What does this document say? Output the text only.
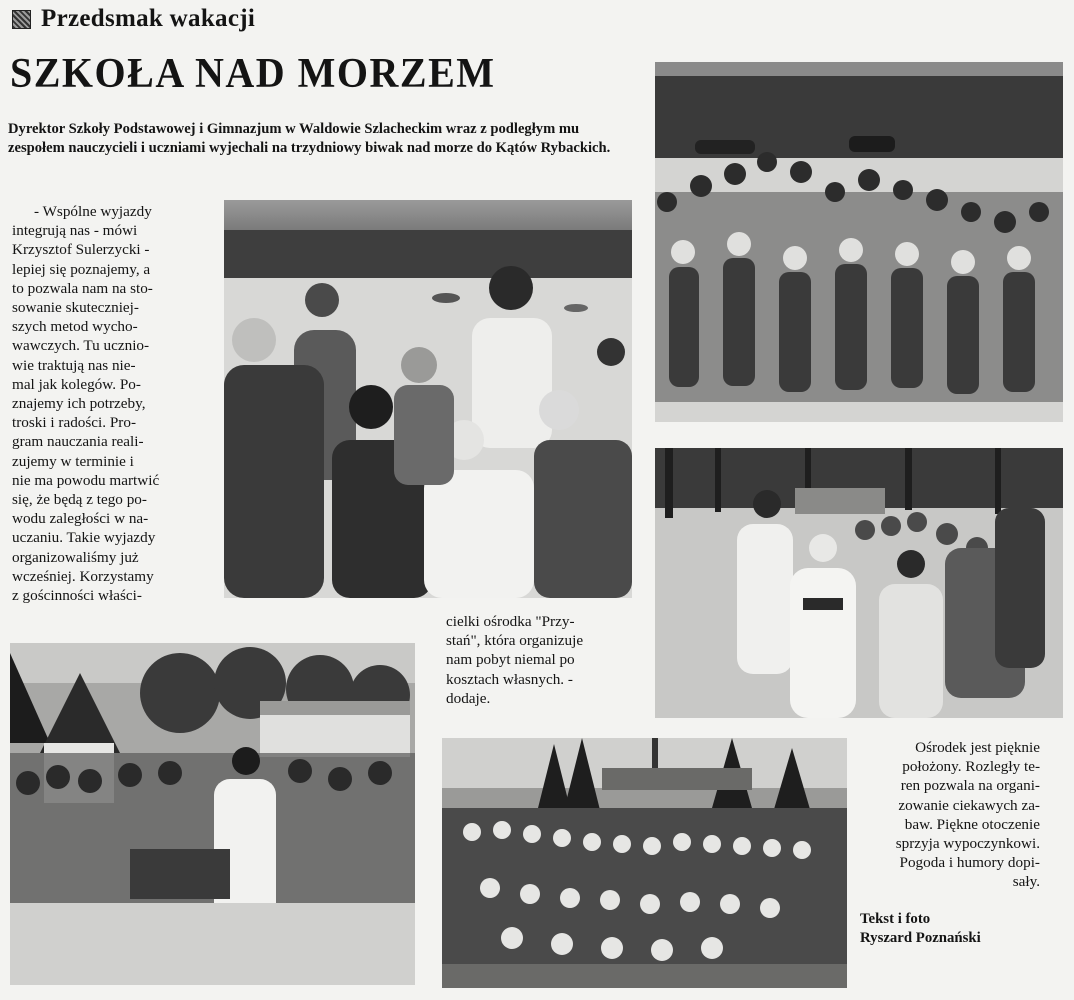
Przedsmak wakacji
SZKOŁA NAD MORZEM
Dyrektor Szkoły Podstawowej i Gimnazjum w Waldowie Szlacheckim wraz z podległym mu zespołem nauczycieli i uczniami wyjechali na trzydniowy biwak nad morze do Kątów Rybackich.
- Wspólne wyjazdy
integrują nas - mówi
Krzysztof Sulerzycki -
lepiej się poznajemy, a
to pozwala nam na sto-
sowanie skuteczniej-
szych metod wycho-
wawczych. Tu ucznio-
wie traktują nas nie-
mal jak kolegów. Po-
znajemy ich potrzeby,
troski i radości. Pro-
gram nauczania reali-
zujemy w terminie i
nie ma powodu martwić
się, że będą z tego po-
wodu zaległości w na-
uczaniu. Takie wyjazdy
organizowaliśmy już
wcześniej. Korzystamy
z gościnności właści-
cielki ośrodka "Przy-
stań", która organizuje
nam pobyt niemal po
kosztach własnych. -
dodaje.
Ośrodek jest pięknie
położony. Rozległy te-
ren pozwala na organi-
zowanie ciekawych za-
baw. Piękne otoczenie
sprzyja wypoczynkowi.
Pogoda i humory dopi-
sały.
Tekst i foto
Ryszard Poznański
